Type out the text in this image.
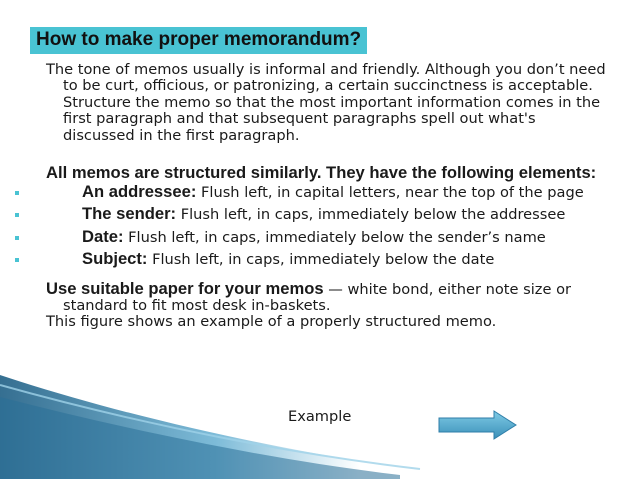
How to make proper memorandum?

The tone of memos usually is informal and friendly. Although you don’t need to be curt, officious, or patronizing, a certain succinctness is acceptable. Structure the memo so that the most important information comes in the first paragraph and that subsequent paragraphs spell out what's discussed in the first paragraph.

All memos are structured similarly. They have the following elements:

An addressee: Flush left, in capital letters, near the top of the page
The sender: Flush left, in caps, immediately below the addressee
Date: Flush left, in caps, immediately below the sender’s name
Subject: Flush left, in caps, immediately below the date

Use suitable paper for your memos — white bond, either note size or standard to fit most desk in-baskets.

This figure shows an example of a properly structured memo.

Example
